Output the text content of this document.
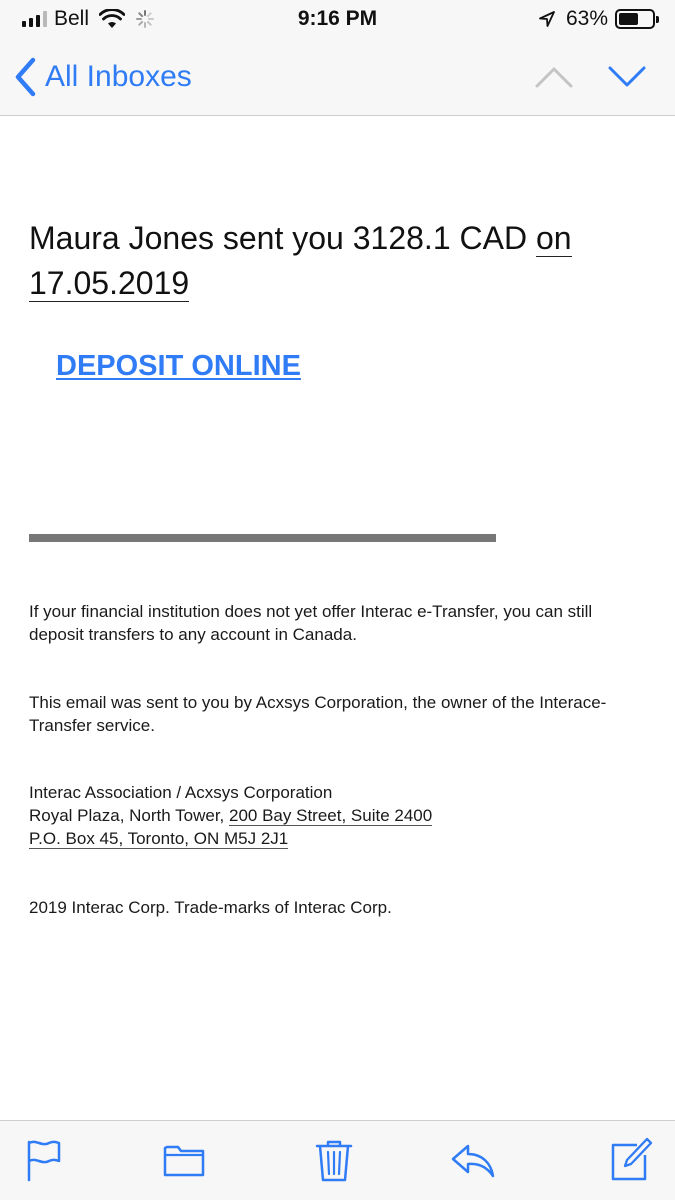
Bell	9:16 PM	63%
All Inboxes
Maura Jones sent you 3128.1 CAD on 17.05.2019
DEPOSIT ONLINE

If your financial institution does not yet offer Interac e-Transfer, you can still deposit transfers to any account in Canada.

This email was sent to you by Acxsys Corporation, the owner of the Interace-Transfer service.

Interac Association / Acxsys Corporation
Royal Plaza, North Tower, 200 Bay Street, Suite 2400
P.O. Box 45, Toronto, ON M5J 2J1

2019 Interac Corp. Trade-marks of Interac Corp.
